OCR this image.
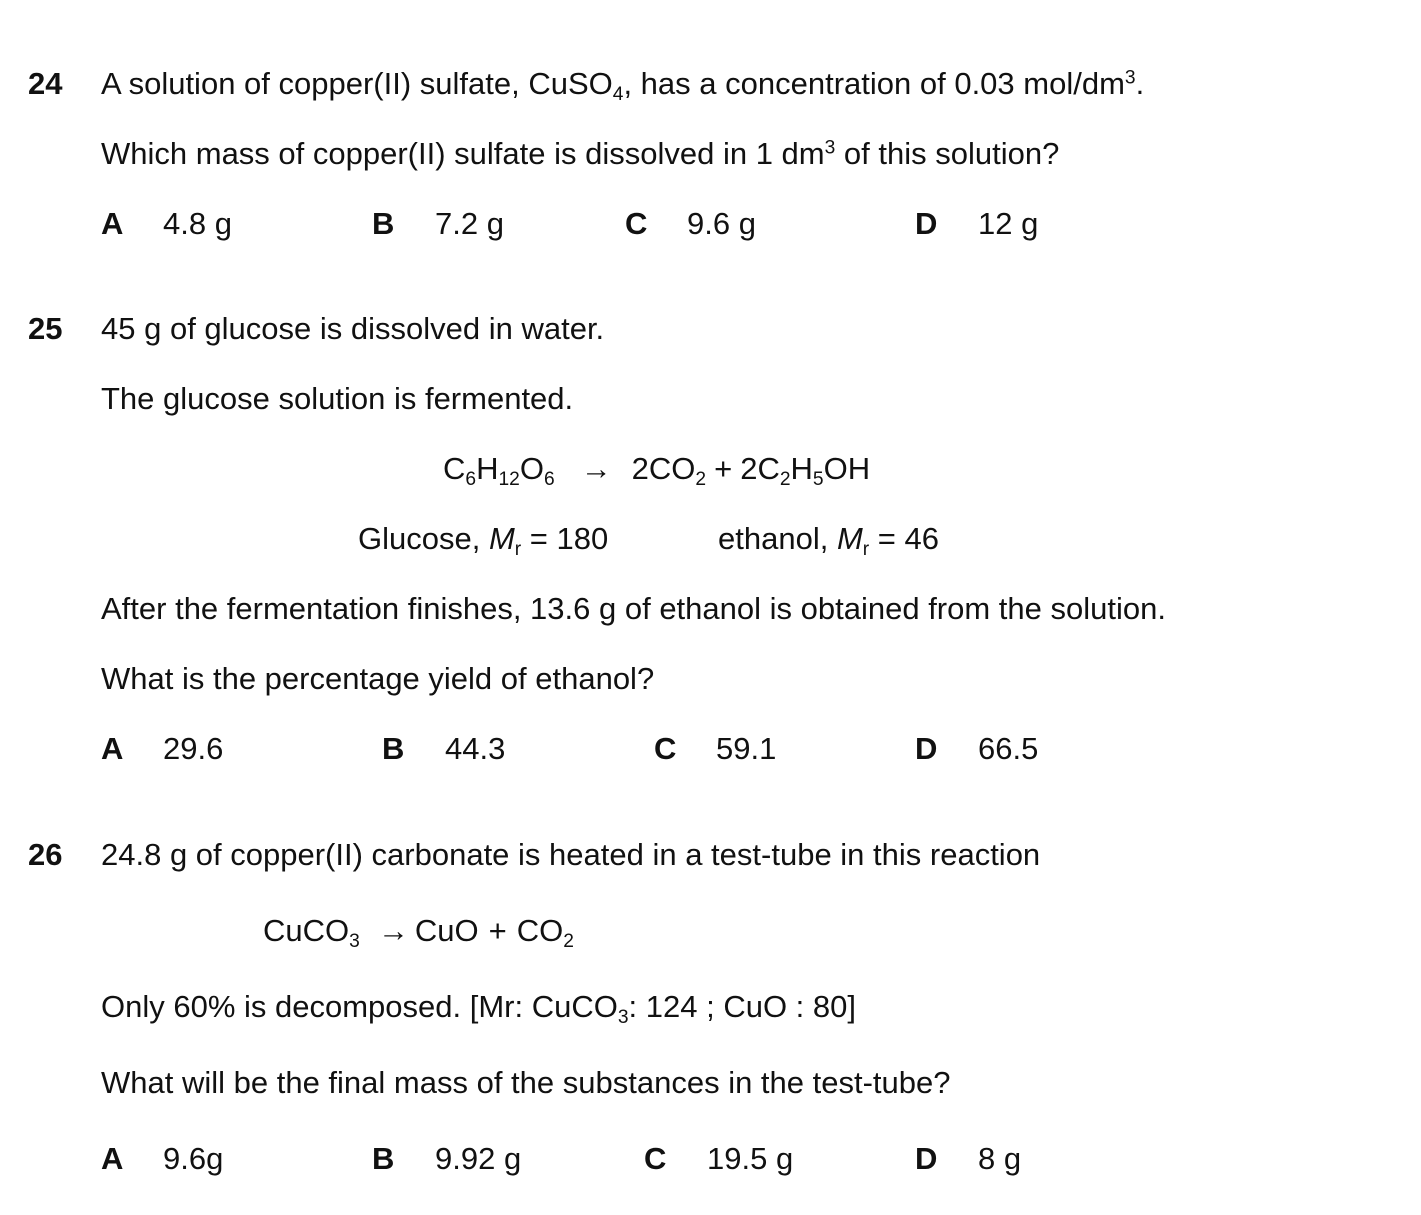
24 A solution of copper(II) sulfate, CuSO$_4$, has a concentration of 0.03 mol/$dm^3$.
Which mass of copper(II) sulfate is dissolved in 1 $dm^3$ of this solution?
A 4.8 g	B 7.2 g	C 9.6 g	D 12 g
25 45 g of glucose is dissolved in water.
The glucose solution is fermented.
$C_6H_{12}O_6 \to 2CO_2 + 2C_2H_5OH$
Glucose, $M_r = 180$	ethanol, $M_r = 46$
After the fermentation finishes, 13.6 g of ethanol is obtained from the solution.
What is the percentage yield of ethanol?
A 29.6	B 44.3	C 59.1	D 66.5
26 24.8 g of copper(II) carbonate is heated in a test-tube in this reaction
CuCO$_3$ → CuO + $CO_2$
Only 60% is decomposed. [Mr: CuCO$_3$: 124 ; CuO : 80]
What will be the final mass of the substances in the test-tube?
A 9.6g	B 9.92 g	C 19.5 g	D 8 g
